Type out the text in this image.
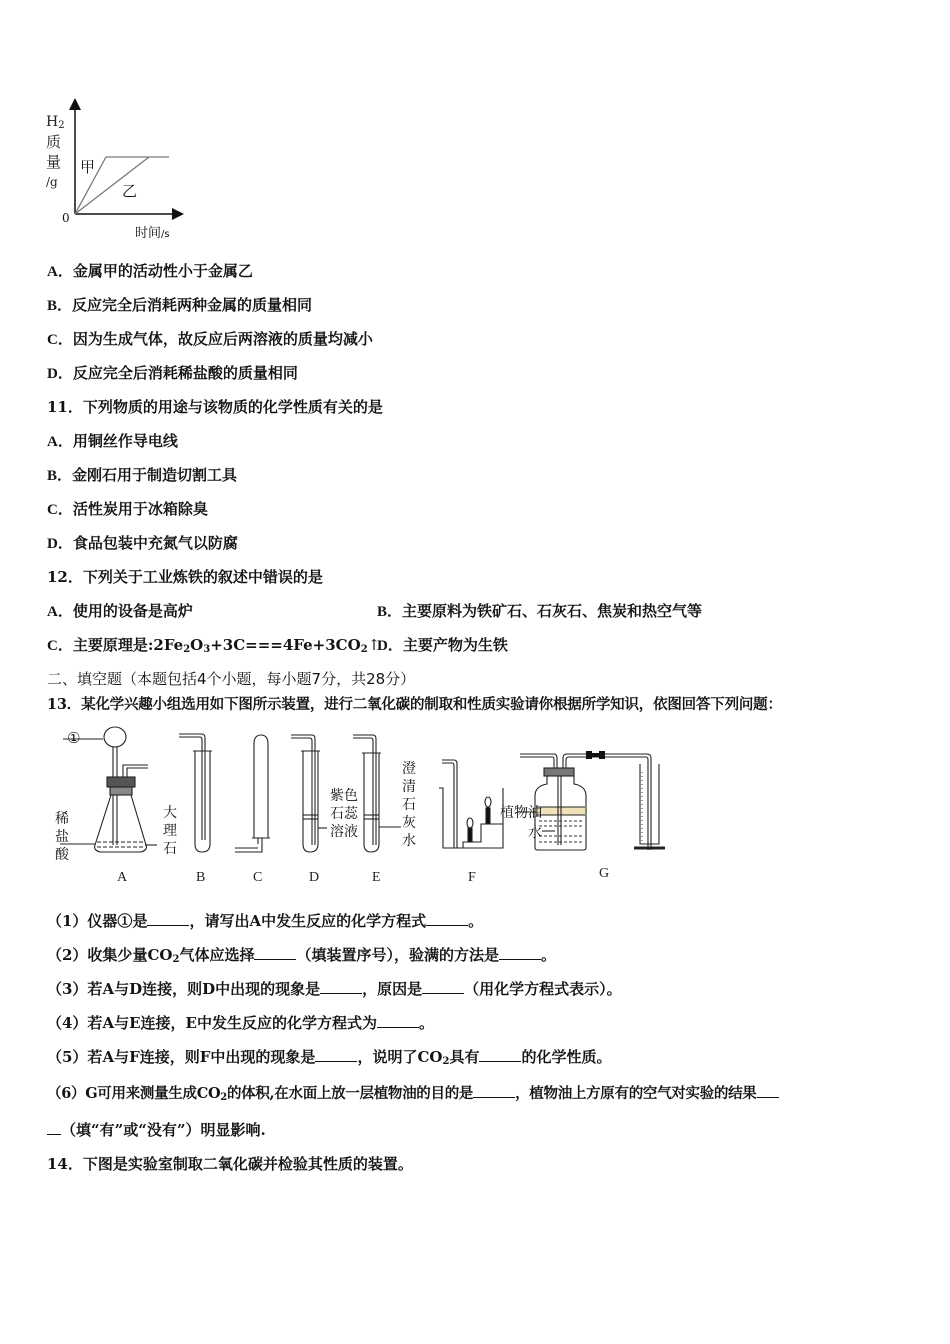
$H_2$
质
量
/g
甲
乙
0
时间/s
A．金属甲的活动性小于金属乙
B．反应完全后消耗两种金属的质量相同
C．因为生成气体，故反应后两溶液的质量均减小
D．反应完全后消耗稀盐酸的质量相同
11．下列物质的用途与该物质的化学性质有关的是
A．用铜丝作导电线
B．金刚石用于制造切割工具
C．活性炭用于冰箱除臭
D．食品包装中充氮气以防腐
12．下列关于工业炼铁的叙述中错误的是
A．使用的设备是高炉	B．主要原料为铁矿石、石灰石、焦炭和热空气等
C．主要原理是$:2Fe_2O_3+3C===4Fe+3CO_2↑$
D．主要产物为生铁
二、填空题（本题包括4个小题，每小题7分，共28分）
13．某化学兴趣小组选用如下图所示装置，进行二氧化碳的制取和性质实验请你根据所学知识，依图回答下列问题：
①
稀
盐
酸
大
理
石
紫色
石蕊
溶液
澄
清
石
灰
水
植物油
水
A	B	C	D	E	F	G
（1）仪器①是	，请写出A中发生反应的化学方程式	。
（2）收集少量$CO_2$气体应选择	（填装置序号），验满的方法是	。
（3）若A与D连接，则D中出现的现象是	，原因是	（用化学方程式表示）。
（4）若A与E连接，E中发生反应的化学方程式为	。
（5）若A与F连接，则F中出现的现象是	，说明了$CO_2$具有	的化学性质。
（6）G可用来测量生成$CO_2$的体积,在水面上放一层植物油的目的是	，植物油上方原有的空气对实验的结果
（填“有”或“没有”）明显影响.
14．下图是实验室制取二氧化碳并检验其性质的装置。
